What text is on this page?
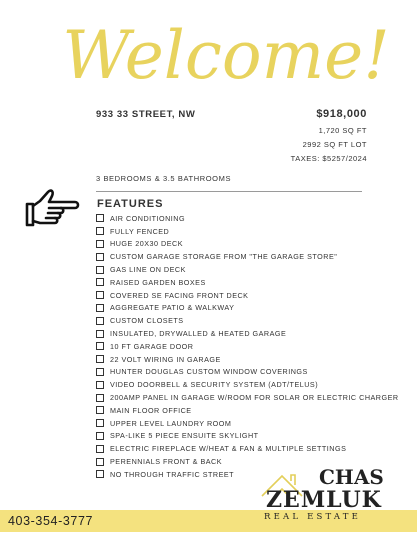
Welcome!
933 33 STREET, NW	$918,000
1,720 SQ FT
2992 SQ FT LOT
TAXES: $5257/2024
3 BEDROOMS & 3.5 BATHROOMS
FEATURES
AIR CONDITIONING
FULLY FENCED
HUGE 20X30 DECK
CUSTOM GARAGE STORAGE FROM "THE GARAGE STORE"
GAS LINE ON DECK
RAISED GARDEN BOXES
COVERED SE FACING FRONT DECK
AGGREGATE PATIO & WALKWAY
CUSTOM CLOSETS
INSULATED, DRYWALLED & HEATED GARAGE
10 FT GARAGE DOOR
22 VOLT WIRING IN GARAGE
HUNTER DOUGLAS CUSTOM WINDOW COVERINGS
VIDEO DOORBELL & SECURITY SYSTEM (ADT/TELUS)
200AMP PANEL IN GARAGE W/ROOM FOR SOLAR OR ELECTRIC CHARGER
MAIN FLOOR OFFICE
UPPER LEVEL LAUNDRY ROOM
SPA-LIKE 5 PIECE ENSUITE SKYLIGHT
ELECTRIC FIREPLACE W/HEAT & FAN & MULTIPLE SETTINGS
PERENNIALS FRONT & BACK
NO THROUGH TRAFFIC STREET
403-354-3777
CHAS
ZEMLUK
REAL ESTATE
